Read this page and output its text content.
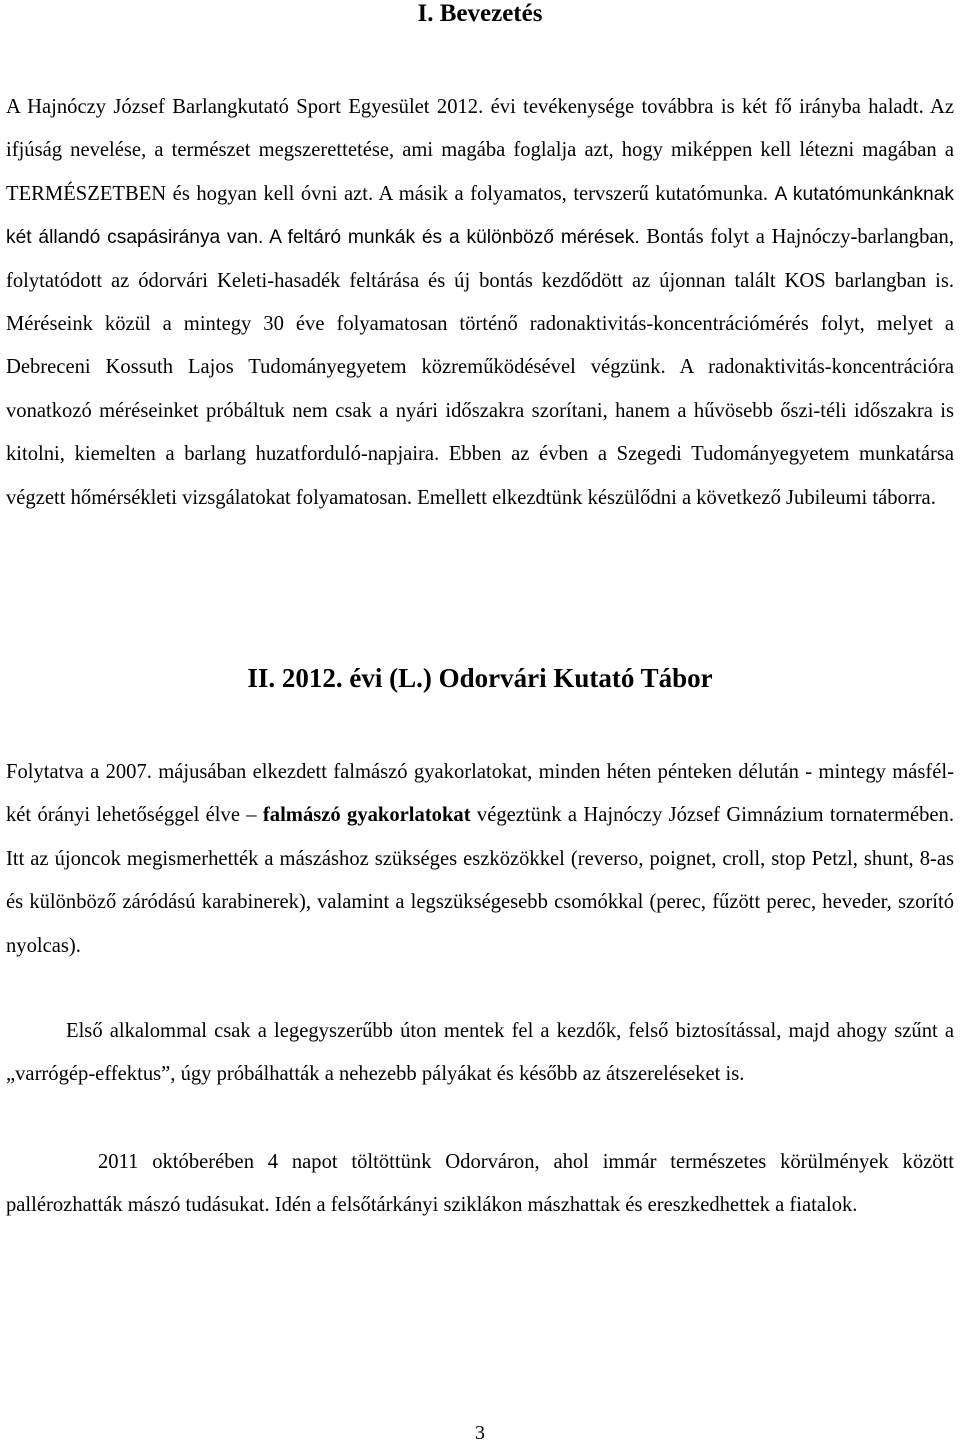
I. Bevezetés

A Hajnóczy József Barlangkutató Sport Egyesület 2012. évi tevékenysége továbbra is két fő irányba haladt. Az ifjúság nevelése, a természet megszerettetése, ami magába foglalja azt, hogy miképpen kell létezni magában a TERMÉSZETBEN és hogyan kell óvni azt. A másik a folyamatos, tervszerű kutatómunka. A kutatómunkánknak két állandó csapásiránya van. A feltáró munkák és a különböző mérések. Bontás folyt a Hajnóczy-barlangban, folytatódott az ódorvári Keleti-hasadék feltárása és új bontás kezdődött az újonnan talált KOS barlangban is. Méréseink közül a mintegy 30 éve folyamatosan történő radonaktivitás-koncentrációmérés folyt, melyet a Debreceni Kossuth Lajos Tudományegyetem közreműködésével végzünk. A radonaktivitás-koncentrációra vonatkozó méréseinket próbáltuk nem csak a nyári időszakra szorítani, hanem a hűvösebb őszi-téli időszakra is kitolni, kiemelten a barlang huzatforduló-napjaira. Ebben az évben a Szegedi Tudományegyetem munkatársa végzett hőmérsékleti vizsgálatokat folyamatosan. Emellett elkezdtünk készülődni a következő Jubileumi táborra.

II. 2012. évi (L.) Odorvári Kutató Tábor

Folytatva a 2007. májusában elkezdett falmászó gyakorlatokat, minden héten pénteken délután - mintegy másfél-két órányi lehetőséggel élve – falmászó gyakorlatokat végeztünk a Hajnóczy József Gimnázium tornatermében. Itt az újoncok megismerhették a mászáshoz szükséges eszközökkel (reverso, poignet, croll, stop Petzl, shunt, 8-as és különböző záródású karabinerek), valamint a legszükségesebb csomókkal (perec, fűzött perec, heveder, szorító nyolcas).

Első alkalommal csak a legegyszerűbb úton mentek fel a kezdők, felső biztosítással, majd ahogy szűnt a „varrógép-effektus”, úgy próbálhatták a nehezebb pályákat és később az átszereléseket is.

2011 októberében 4 napot töltöttünk Odorváron, ahol immár természetes körülmények között pallérozhatták mászó tudásukat. Idén a felsőtárkányi sziklákon mászhattak és ereszkedhettek a fiatalok.

3
